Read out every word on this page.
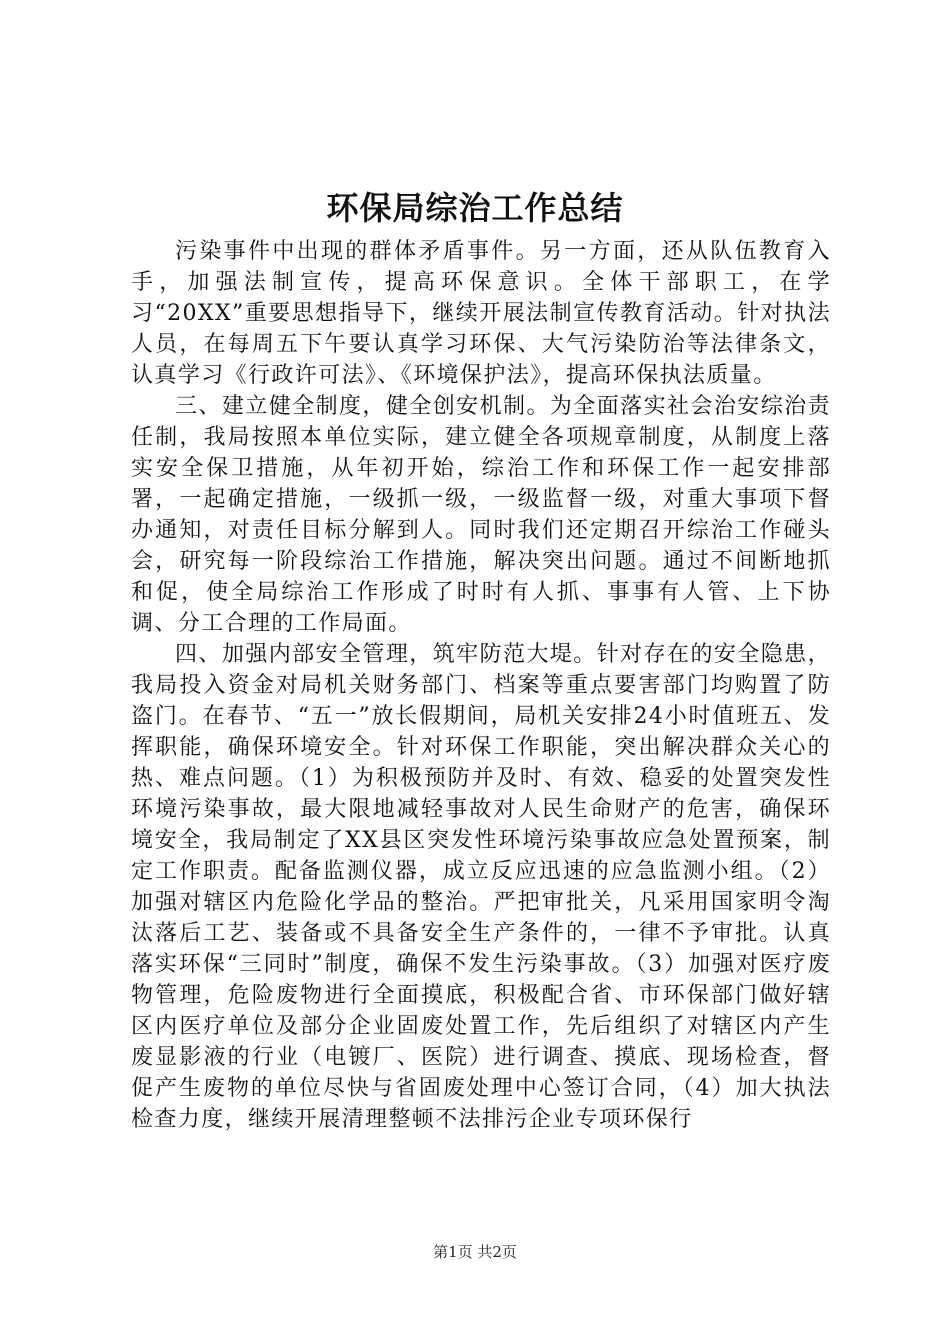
环保局综治工作总结

污染事件中出现的群体矛盾事件。另一方面，还从队伍教育入手，加强法制宣传，提高环保意识。全体干部职工，在学习“20XX”重要思想指导下，继续开展法制宣传教育活动。针对执法人员，在每周五下午要认真学习环保、大气污染防治等法律条文，认真学习《行政许可法》、《环境保护法》，提高环保执法质量。

三、建立健全制度，健全创安机制。为全面落实社会治安综治责任制，我局按照本单位实际，建立健全各项规章制度，从制度上落实安全保卫措施，从年初开始，综治工作和环保工作一起安排部署，一起确定措施，一级抓一级，一级监督一级，对重大事项下督办通知，对责任目标分解到人。同时我们还定期召开综治工作碰头会，研究每一阶段综治工作措施，解决突出问题。通过不间断地抓和促，使全局综治工作形成了时时有人抓、事事有人管、上下协调、分工合理的工作局面。

四、加强内部安全管理，筑牢防范大堤。针对存在的安全隐患，我局投入资金对局机关财务部门、档案等重点要害部门均购置了防盗门。在春节、“五一”放长假期间，局机关安排24小时值班五、发挥职能，确保环境安全。针对环保工作职能，突出解决群众关心的热、难点问题。（1）为积极预防并及时、有效、稳妥的处置突发性环境污染事故，最大限地减轻事故对人民生命财产的危害，确保环境安全，我局制定了XX县区突发性环境污染事故应急处置预案，制定工作职责。配备监测仪器，成立反应迅速的应急监测小组。（2）加强对辖区内危险化学品的整治。严把审批关，凡采用国家明令淘汰落后工艺、装备或不具备安全生产条件的，一律不予审批。认真落实环保“三同时”制度，确保不发生污染事故。（3）加强对医疗废物管理，危险废物进行全面摸底，积极配合省、市环保部门做好辖区内医疗单位及部分企业固废处置工作，先后组织了对辖区内产生废显影液的行业（电镀厂、医院）进行调查、摸底、现场检查，督促产生废物的单位尽快与省固废处理中心签订合同，（4）加大执法检查力度，继续开展清理整顿不法排污企业专项环保行

第1页 共2页
